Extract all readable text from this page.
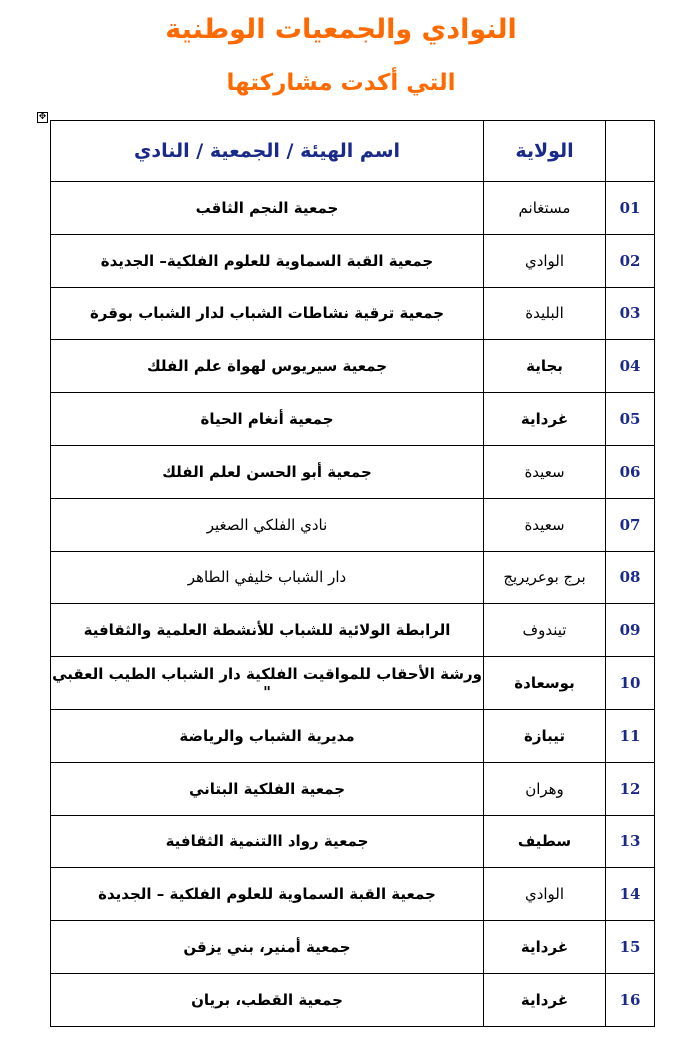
النوادي والجمعيات الوطنية
التي أكدت مشاركتها
✥
اسم الهيئة / الجمعية / النادي	الولاية	
جمعية النجم الثاقب	مستغانم	01
جمعية القبة السماوية للعلوم الفلكية– الجديدة	الوادي	02
جمعية ترقية نشاطات الشباب لدار الشباب بوقرة	البليدة	03
جمعية سيريوس لهواة علم الفلك	بجاية	04
جمعية أنغام الحياة	غرداية	05
جمعية أبو الحسن لعلم الفلك	سعيدة	06
نادي الفلكي الصغير	سعيدة	07
دار الشباب خليفي الطاهر	برج بوعريريج	08
الرابطة الولائية للشباب للأنشطة العلمية والثقافية	تيندوف	09
ورشة الأحقاب للمواقيت الفلكية دار الشباب الطيب العقبي "	بوسعادة	10
مديرية الشباب والرياضة	تيبازة	11
جمعية الفلكية البتاني	وهران	12
جمعية رواد االتنمية الثقافية	سطيف	13
جمعية القبة السماوية للعلوم الفلكية – الجديدة	الوادي	14
جمعية أمنير، بني يزقن	غرداية	15
جمعية القطب، بريان	غرداية	16
